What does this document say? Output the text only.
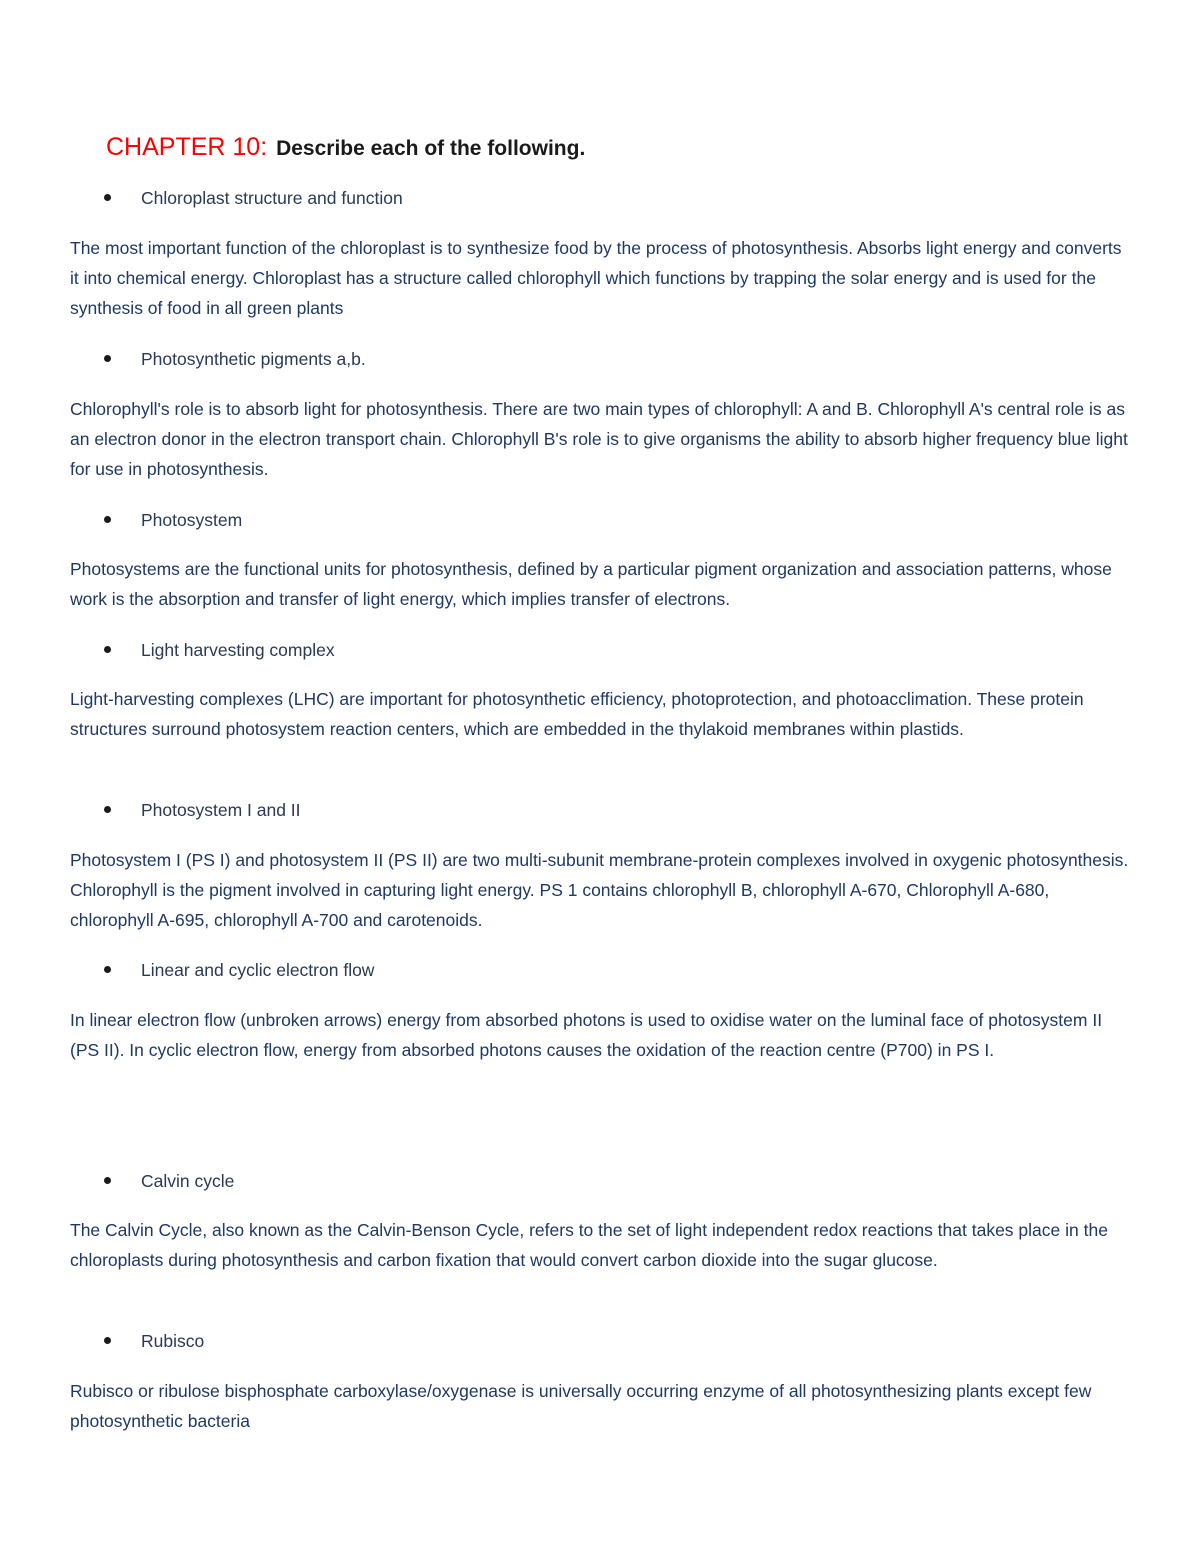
CHAPTER 10: Describe each of the following.
Chloroplast structure and function

The most important function of the chloroplast is to synthesize food by the process of photosynthesis. Absorbs light energy and converts it into chemical energy. Chloroplast has a structure called chlorophyll which functions by trapping the solar energy and is used for the synthesis of food in all green plants

Photosynthetic pigments a,b.

Chlorophyll's role is to absorb light for photosynthesis. There are two main types of chlorophyll: A and B. Chlorophyll A's central role is as an electron donor in the electron transport chain. Chlorophyll B's role is to give organisms the ability to absorb higher frequency blue light for use in photosynthesis.

Photosystem

Photosystems are the functional units for photosynthesis, defined by a particular pigment organization and association patterns, whose work is the absorption and transfer of light energy, which implies transfer of electrons.

Light harvesting complex

Light-harvesting complexes (LHC) are important for photosynthetic efficiency, photoprotection, and photoacclimation. These protein structures surround photosystem reaction centers, which are embedded in the thylakoid membranes within plastids.

Photosystem I and II

Photosystem I (PS I) and photosystem II (PS II) are two multi-subunit membrane-protein complexes involved in oxygenic photosynthesis. Chlorophyll is the pigment involved in capturing light energy. PS 1 contains chlorophyll B, chlorophyll A-670, Chlorophyll A-680, chlorophyll A-695, chlorophyll A-700 and carotenoids.

Linear and cyclic electron flow

In linear electron flow (unbroken arrows) energy from absorbed photons is used to oxidise water on the luminal face of photosystem II (PS II). In cyclic electron flow, energy from absorbed photons causes the oxidation of the reaction centre (P700) in PS I.

Calvin cycle

The Calvin Cycle, also known as the Calvin-Benson Cycle, refers to the set of light independent redox reactions that takes place in the chloroplasts during photosynthesis and carbon fixation that would convert carbon dioxide into the sugar glucose.

Rubisco

Rubisco or ribulose bisphosphate carboxylase/oxygenase is universally occurring enzyme of all photosynthesizing plants except few photosynthetic bacteria
